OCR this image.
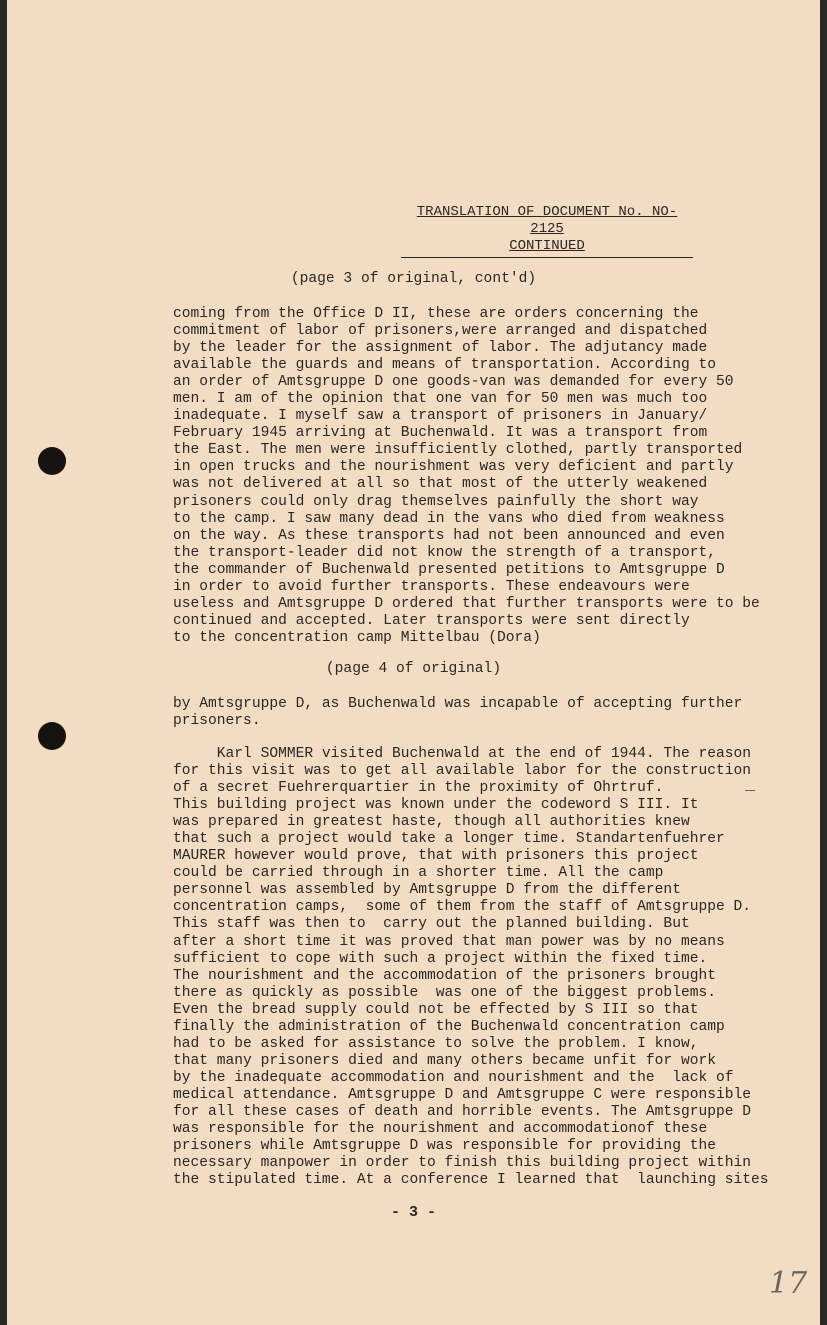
TRANSLATION OF DOCUMENT No. NO-2125
CONTINUED
(page 3 of original, cont'd)
coming from the Office D II, these are orders concerning the
commitment of labor of prisoners,were arranged and dispatched
by the leader for the assignment of labor. The adjutancy made
available the guards and means of transportation. According to
an order of Amtsgruppe D one goods-van was demanded for every 50
men. I am of the opinion that one van for 50 men was much too
inadequate. I myself saw a transport of prisoners in January/
February 1945 arriving at Buchenwald. It was a transport from
the East. The men were insufficiently clothed, partly transported
in open trucks and the nourishment was very deficient and partly
was not delivered at all so that most of the utterly weakened
prisoners could only drag themselves painfully the short way
to the camp. I saw many dead in the vans who died from weakness
on the way. As these transports had not been announced and even
the transport-leader did not know the strength of a transport,
the commander of Buchenwald presented petitions to Amtsgruppe D
in order to avoid further transports. These endeavours were
useless and Amtsgruppe D ordered that further transports were to be
continued and accepted. Later transports were sent directly
to the concentration camp Mittelbau (Dora)
(page 4 of original)
by Amtsgruppe D, as Buchenwald was incapable of accepting further
prisoners.
Karl SOMMER visited Buchenwald at the end of 1944. The reason
for this visit was to get all available labor for the construction
of a secret Fuehrerquartier in the proximity of Ohrtruf.
This building project was known under the codeword S III. It
was prepared in greatest haste, though all authorities knew
that such a project would take a longer time. Standartenfuehrer
MAURER however would prove, that with prisoners this project
could be carried through in a shorter time. All the camp
personnel was assembled by Amtsgruppe D from the different
concentration camps,  some of them from the staff of Amtsgruppe D.
This staff was then to  carry out the planned building. But
after a short time it was proved that man power was by no means
sufficient to cope with such a project within the fixed time.
The nourishment and the accommodation of the prisoners brought
there as quickly as possible  was one of the biggest problems.
Even the bread supply could not be effected by S III so that
finally the administration of the Buchenwald concentration camp
had to be asked for assistance to solve the problem. I know,
that many prisoners died and many others became unfit for work
by the inadequate accommodation and nourishment and the  lack of
medical attendance. Amtsgruppe D and Amtsgruppe C were responsible
for all these cases of death and horrible events. The Amtsgruppe D
was responsible for the nourishment and accommodationof these
prisoners while Amtsgruppe D was responsible for providing the
necessary manpower in order to finish this building project within
the stipulated time. At a conference I learned that  launching sites
- 3 -
17
